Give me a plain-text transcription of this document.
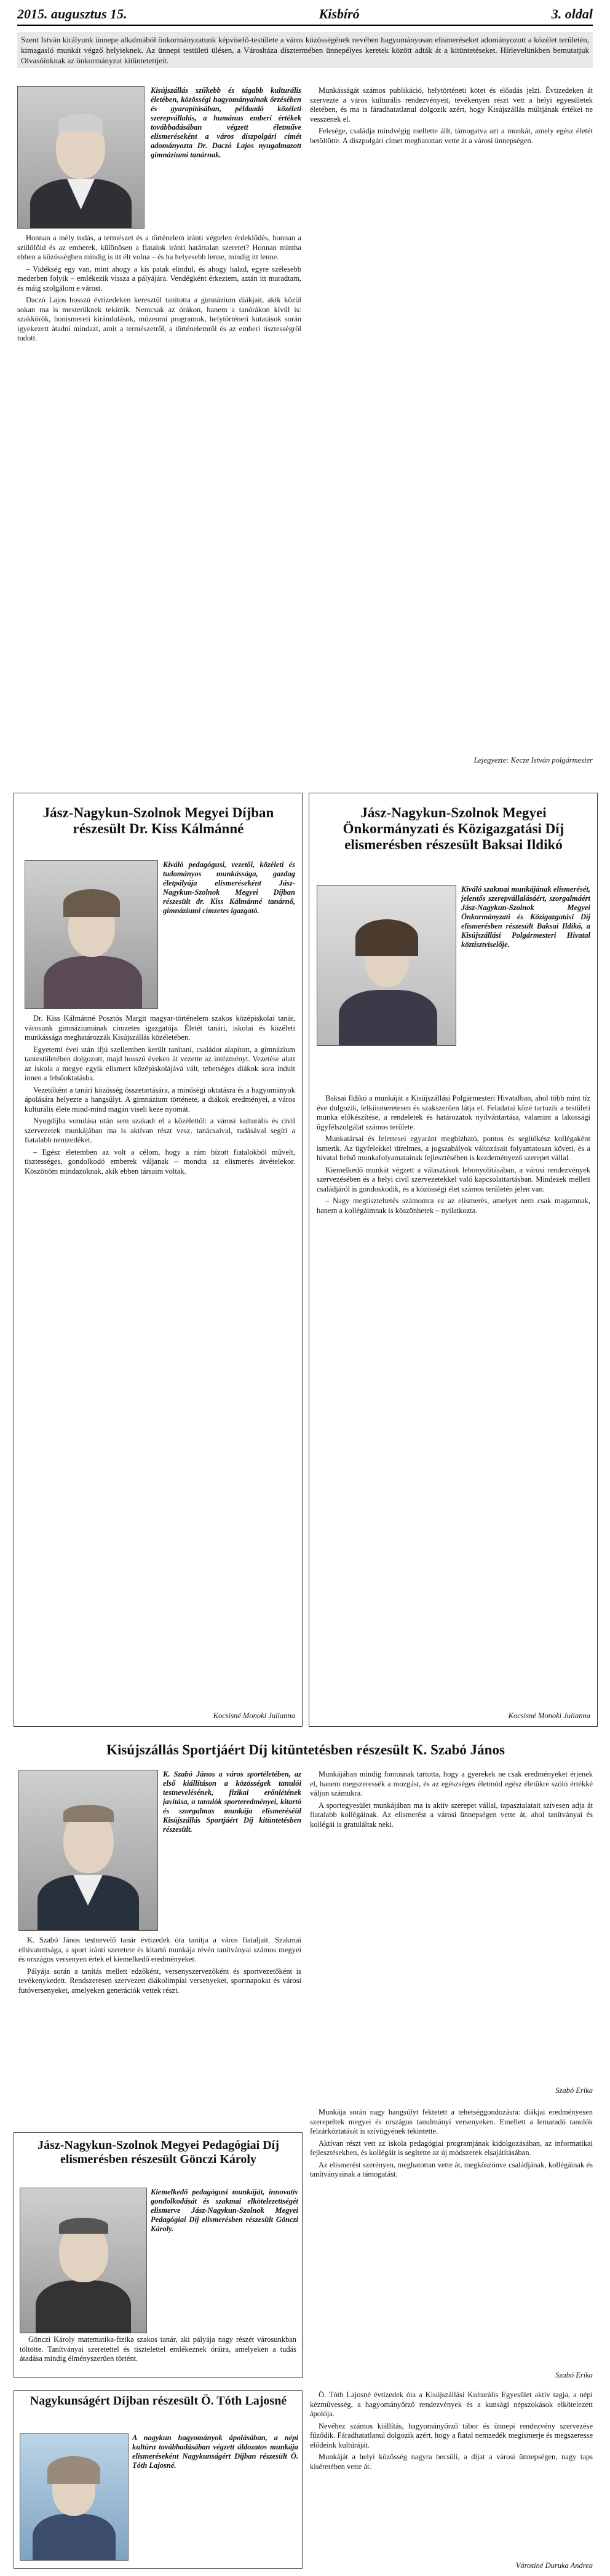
2015. augusztus 15.	Kisbíró	3. oldal
Szent István királyunk ünnepe alkalmából önkormányzatunk képviselő-testülete a város közösségének nevében hagyományosan elismeréseket adományozott a közélet területén, kimagasló munkát végző helyieknek. Az ünnepi testületi ülésen, a Városháza dísztermében ünnepélyes keretek között adták át a kitüntetéseket. Hírlevelünkben bemutatjuk Olvasóinknak az önkormányzat kitüntetettjeit.
Kisújszállás szűkebb és tágabb kulturális életében, közösségi hagyományainak őrzésében és gyarapításában, példaadó közéleti szerepvállalás, a humánus emberi értékek továbbadásában végzett életműve elismeréseként a város díszpolgári címét adományozta Dr. Daczó Lajos nyugalmazott gimnáziumi tanárnak.

Honnan a mély tudás, a természet és a történelem iránti végtelen érdeklődés, honnan a szülőföld és az emberek, különösen a fiatalok iránti határtalan szeretet? Honnan mintha ebben a közösségben mindig is itt élt volna – és ha helyesebb lenne, mindig itt lenne.

– Vidékség egy van, mint ahogy a kis patak elindul, és ahogy halad, egyre szélesebb mederben folyik – emlékezik vissza a pályájára. Vendégként érkeztem, aztán itt maradtam, és máig szolgálom e várost.

Daczó Lajos hosszú évtizedeken keresztül tanította a gimnázium diákjait, akik közül sokan ma is mesterüknek tekintik. Nemcsak az órákon, hanem a tanórákon kívül is: szakkörök, honismereti kirándulások, múzeumi programok, helytörténeti kutatások során igyekezett átadni mindazt, amit a természetről, a történelemről és az emberi tisztességről tudott.

Munkásságát számos publikáció, helytörténeti kötet és előadás jelzi. Évtizedeken át szervezte a város kulturális rendezvényeit, tevékenyen részt vett a helyi egyesületek életében, és ma is fáradhatatlanul dolgozik azért, hogy Kisújszállás múltjának értékei ne vesszenek el.

Felesége, családja mindvégig mellette állt, támogatva azt a munkát, amely egész életét betöltötte. A díszpolgári címet meghatottan vette át a városi ünnepségen.

Lejegyezte: Kecze István polgármester
Jász-Nagykun-Szolnok Megyei Díjban részesült Dr. Kiss Kálmánné
Kiváló pedagógusi, vezetői, közéleti és tudományos munkássága, gazdag életpályája elismeréseként Jász-Nagykun-Szolnok Megyei Díjban részesült dr. Kiss Kálmánné tanárnő, gimnáziumi címzetes igazgató.

Dr. Kiss Kálmánné Posztós Margit magyar-történelem szakos középiskolai tanár, városunk gimnáziumának címzetes igazgatója. Életét tanári, iskolai és közéleti munkássága meghatározzák Kisújszállás közéletében.

Egyetemi évei után ifjú szellemben került tanítani, családot alapított, a gimnázium tantestületében dolgozott, majd hosszú éveken át vezette az intézményt. Vezetése alatt az iskola a megye egyik elismert középiskolájává vált, tehetséges diákok sora indult innen a felsőoktatásba.

Vezetőként a tanári közösség összetartására, a minőségi oktatásra és a hagyományok ápolására helyezte a hangsúlyt. A gimnázium története, a diákok eredményei, a város kulturális élete mind-mind magán viseli keze nyomát.

Nyugdíjba vonulása után sem szakadt el a közélettől: a városi kulturális és civil szervezetek munkájában ma is aktívan részt vesz, tanácsaival, tudásával segíti a fiatalabb nemzedéket.

– Egész életemben az volt a célom, hogy a rám bízott fiatalokból művelt, tisztességes, gondolkodó emberek váljanak – mondta az elismerés átvételekor. Köszönöm mindazoknak, akik ebben társaim voltak.

Kocsisné Monoki Julianna
Jász-Nagykun-Szolnok Megyei Önkormányzati és Közigazgatási Díj elismerésben részesült Baksai Ildikó
Kiváló szakmai munkájának elismerését, jelentős szerepvállalásáért, szorgalmáért Jász-Nagykun-Szolnok Megyei Önkormányzati és Közigazgatási Díj elismerésben részesült Baksai Ildikó, a Kisújszállási Polgármesteri Hivatal köztisztviselője.

Baksai Ildikó a munkáját a Kisújszállási Polgármesteri Hivatalban, ahol több mint tíz éve dolgozik, lelkiismeretesen és szakszerűen látja el. Feladatai közé tartozik a testületi munka előkészítése, a rendeletek és határozatok nyilvántartása, valamint a lakossági ügyfélszolgálat számos területe.

Munkatársai és felettesei egyaránt megbízható, pontos és segítőkész kollégaként ismerik. Az ügyfelekkel türelmes, a jogszabályok változásait folyamatosan követi, és a hivatal belső munkafolyamatainak fejlesztésében is kezdeményező szerepet vállal.

Kiemelkedő munkát végzett a választások lebonyolításában, a városi rendezvények szervezésében és a helyi civil szervezetekkel való kapcsolattartásban. Mindezek mellett családjáról is gondoskodik, és a közösségi élet számos területén jelen van.

– Nagy megtiszteltetés számomra ez az elismerés, amelyet nem csak magamnak, hanem a kollégáimnak is köszönhetek – nyilatkozta.

Kocsisné Monoki Julianna
Kisújszállás Sportjáért Díj kitüntetésben részesült K. Szabó János
K. Szabó János a város sportéletében, az első kiállításon a közösségek tanulói testnevelésének, fizikai erőnlétének javítása, a tanulók sporteredményei, kitartó és szorgalmas munkája elismeréséül Kisújszállás Sportjáért Díj kitüntetésben részesült.

K. Szabó János testnevelő tanár évtizedek óta tanítja a város fiataljait. Szakmai elhivatottsága, a sport iránti szeretete és kitartó munkája révén tanítványai számos megyei és országos versenyen értek el kiemelkedő eredményeket.

Pályája során a tanítás mellett edzőként, versenyszervezőként és sportvezetőként is tevékenykedett. Rendszeresen szervezett diákolimpiai versenyeket, sportnapokat és városi futóversenyeket, amelyeken generációk vettek részt.

Munkájában mindig fontosnak tartotta, hogy a gyerekek ne csak eredményeket érjenek el, hanem megszeressék a mozgást, és az egészséges életmód egész életükre szóló értékké váljon számukra.

A sportegyesület munkájában ma is aktív szerepet vállal, tapasztalatait szívesen adja át fiatalabb kollégáinak. Az elismerést a városi ünnepségen vette át, ahol tanítványai és kollégái is gratuláltak neki.

Szabó Erika
Jász-Nagykun-Szolnok Megyei Pedagógiai Díj elismerésben részesült Gönczi Károly
Kiemelkedő pedagógusi munkáját, innovatív gondolkodását és szakmai elkötelezettségét elismerve Jász-Nagykun-Szolnok Megyei Pedagógiai Díj elismerésben részesült Gönczi Károly.

Gönczi Károly matematika-fizika szakos tanár, aki pályája nagy részét városunkban töltötte. Tanítványai szeretettel és tisztelettel emlékeznek óráira, amelyeken a tudás átadása mindig élményszerűen történt.

Munkája során nagy hangsúlyt fektetett a tehetséggondozásra: diákjai eredményesen szerepeltek megyei és országos tanulmányi versenyeken. Emellett a lemaradó tanulók felzárkóztatását is szívügyének tekintette.

Aktívan részt vett az iskola pedagógiai programjának kidolgozásában, az informatikai fejlesztésekben, és kollégáit is segítette az új módszerek elsajátításában.

Az elismerést szerényen, meghatottan vette át, megköszönve családjának, kollégáinak és tanítványainak a támogatást.

Szabó Erika
Nagykunságért Díjban részesült Ö. Tóth Lajosné
A nagykun hagyományok ápolásában, a népi kultúra továbbadásában végzett áldozatos munkája elismeréseként Nagykunságért Díjban részesült Ö. Tóth Lajosné.

Ö. Tóth Lajosné évtizedek óta a Kisújszállási Kulturális Egyesület aktív tagja, a népi kézművesség, a hagyományőrző rendezvények és a kunsági népszokások elkötelezett ápolója.

Nevéhez számos kiállítás, hagyományőrző tábor és ünnepi rendezvény szervezése fűződik. Fáradhatatlanul dolgozik azért, hogy a fiatal nemzedék megismerje és megszeresse elődeink kultúráját.

Munkáját a helyi közösség nagyra becsüli, a díjat a városi ünnepségen, nagy taps kíséretében vette át.

Városiné Duruka Andrea
